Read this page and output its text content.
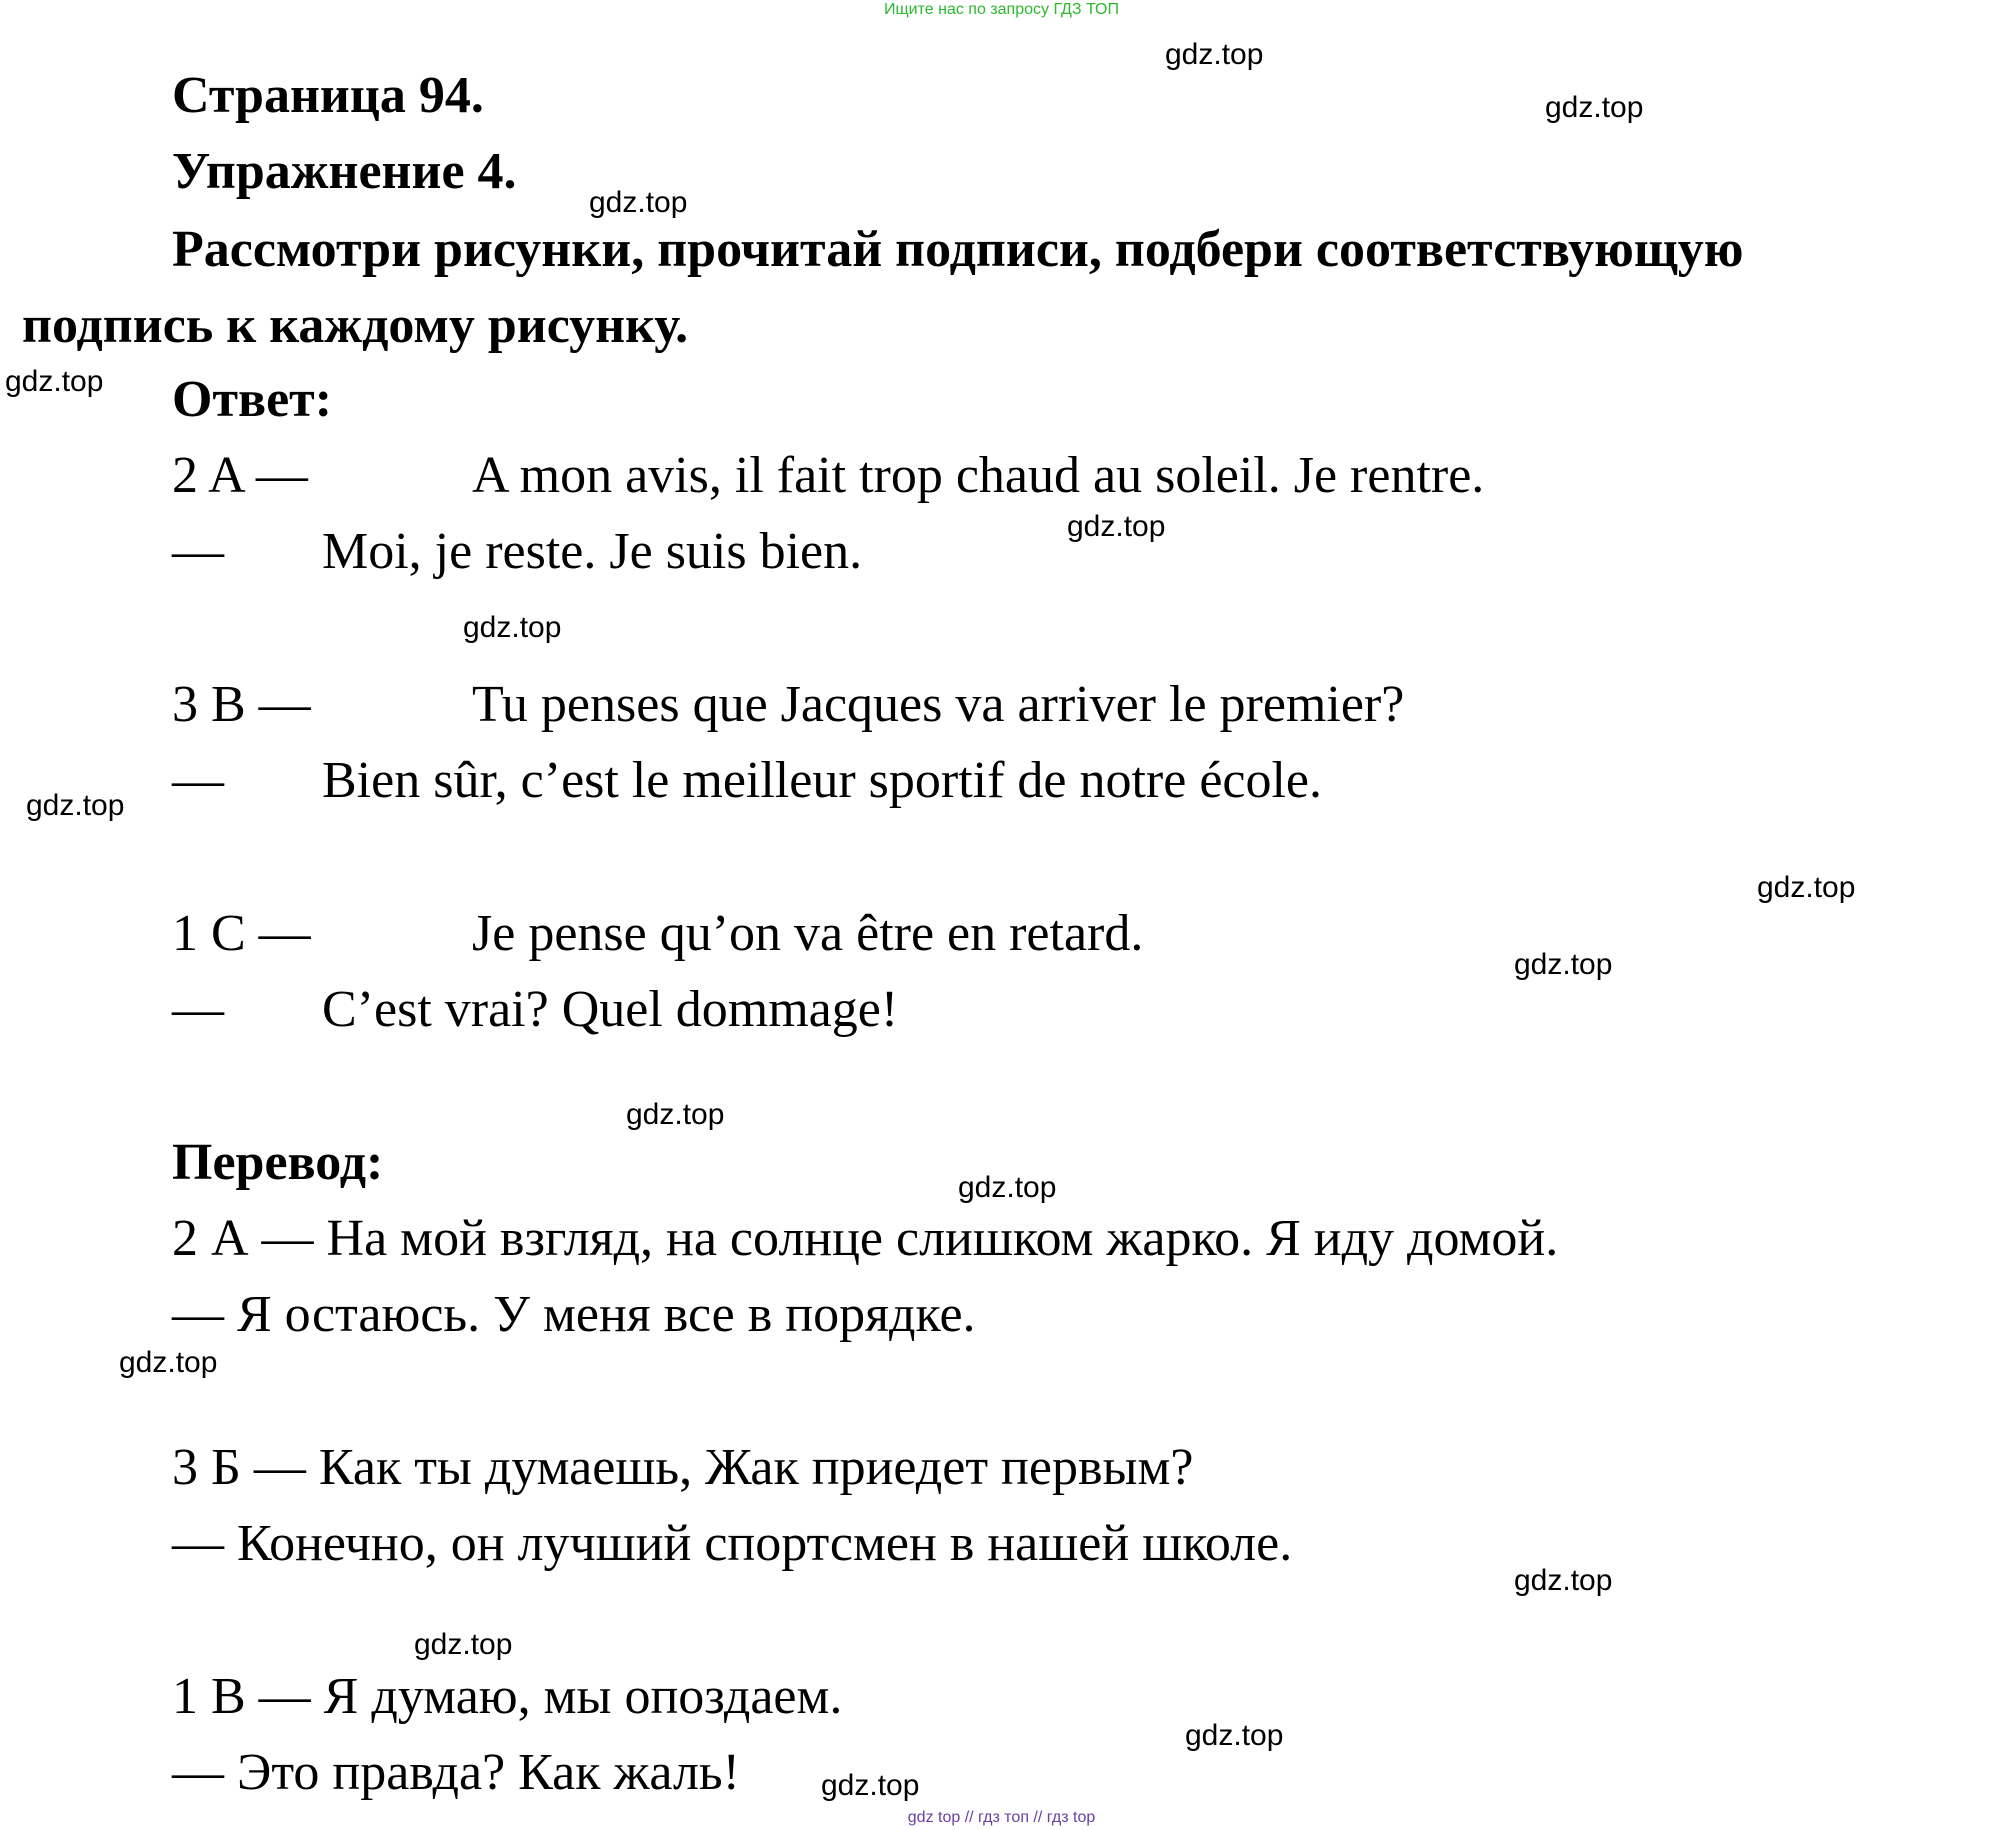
Ищите нас по запросу ГДЗ ТОП
Страница 94.
Упражнение 4.
Рассмотри рисунки, прочитай подписи, подбери соответствующую
подпись к каждому рисунку.
Ответ:
2 A —	A mon avis, il fait trop chaud au soleil. Je rentre.
— Moi, je reste. Je suis bien.
3 B —	Tu penses que Jacques va arriver le premier?
— Bien sûr, c’est le meilleur sportif de notre école.
1 C —	Je pense qu’on va être en retard.
— C’est vrai? Quel dommage!
Перевод:
2 А — На мой взгляд, на солнце слишком жарко. Я иду домой.
— Я остаюсь. У меня все в порядке.
3 Б — Как ты думаешь, Жак приедет первым?
— Конечно, он лучший спортсмен в нашей школе.
1 В — Я думаю, мы опоздаем.
— Это правда? Как жаль!
gdz.top
gdz.top
gdz.top
gdz.top
gdz.top
gdz.top
gdz.top
gdz.top
gdz.top
gdz.top
gdz.top
gdz.top
gdz.top
gdz.top
gdz.top
gdz.top
gdz top // гдз топ // гдз top
